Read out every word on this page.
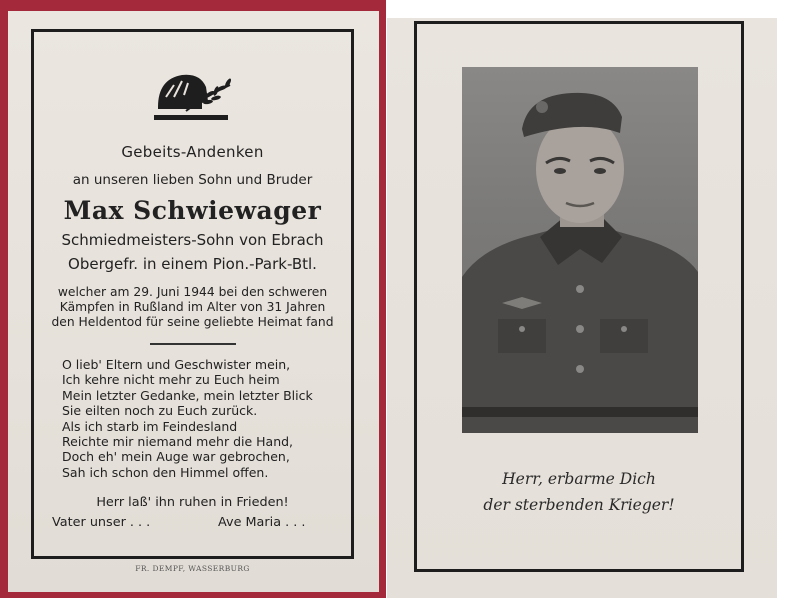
Gebeits-Andenken
an unseren lieben Sohn und Bruder
Max Schwiewager
Schmiedmeisters-Sohn von Ebrach
Obergefr. in einem Pion.-Park-Btl.
welcher am 29. Juni 1944 bei den schweren
Kämpfen in Rußland im Alter von 31 Jahren
den Heldentod für seine geliebte Heimat fand
O lieb' Eltern und Geschwister mein,
Ich kehre nicht mehr zu Euch heim
Mein letzter Gedanke, mein letzter Blick
Sie eilten noch zu Euch zurück.
Als ich starb im Feindesland
Reichte mir niemand mehr die Hand,
Doch eh' mein Auge war gebrochen,
Sah ich schon den Himmel offen.
Herr laß' ihn ruhen in Frieden!
Vater unser . . .	Ave Maria . . .
FR. DEMPF, WASSERBURG
Herr, erbarme Dich
der sterbenden Krieger!
